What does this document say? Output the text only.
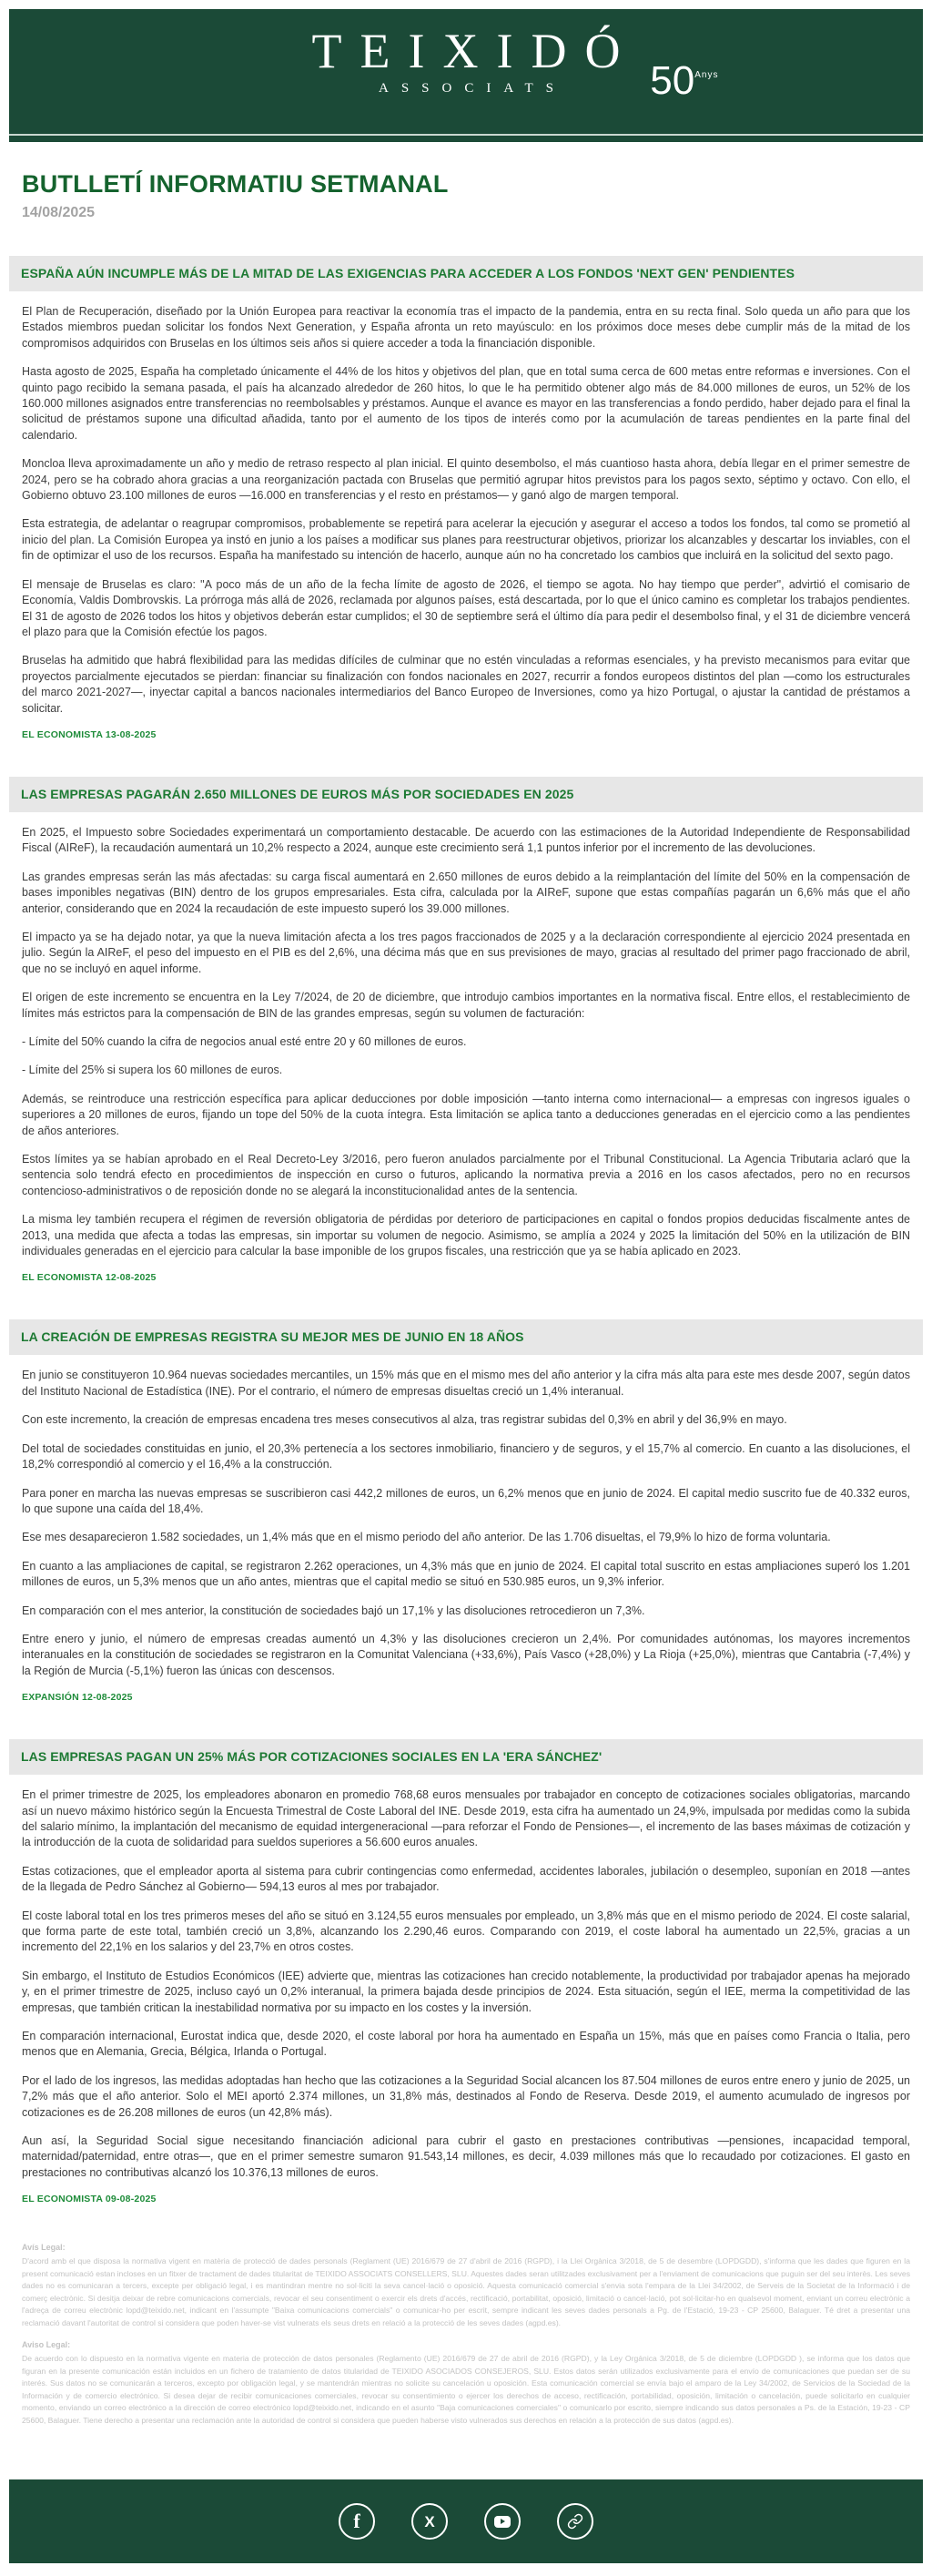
TEIXIDÓ
ASSOCIATS	$50^{Anys}$
BUTLLETÍ INFORMATIU SETMANAL
14/08/2025
ESPAÑA AÚN INCUMPLE MÁS DE LA MITAD DE LAS EXIGENCIAS PARA ACCEDER A LOS FONDOS 'NEXT GEN' PENDIENTES

El Plan de Recuperación, diseñado por la Unión Europea para reactivar la economía tras el impacto de la pandemia, entra en su recta final. Solo queda un año para que los Estados miembros puedan solicitar los fondos Next Generation, y España afronta un reto mayúsculo: en los próximos doce meses debe cumplir más de la mitad de los compromisos adquiridos con Bruselas en los últimos seis años si quiere acceder a toda la financiación disponible.

Hasta agosto de 2025, España ha completado únicamente el 44% de los hitos y objetivos del plan, que en total suma cerca de 600 metas entre reformas e inversiones. Con el quinto pago recibido la semana pasada, el país ha alcanzado alrededor de 260 hitos, lo que le ha permitido obtener algo más de 84.000 millones de euros, un 52% de los 160.000 millones asignados entre transferencias no reembolsables y préstamos. Aunque el avance es mayor en las transferencias a fondo perdido, haber dejado para el final la solicitud de préstamos supone una dificultad añadida, tanto por el aumento de los tipos de interés como por la acumulación de tareas pendientes en la parte final del calendario.

Moncloa lleva aproximadamente un año y medio de retraso respecto al plan inicial. El quinto desembolso, el más cuantioso hasta ahora, debía llegar en el primer semestre de 2024, pero se ha cobrado ahora gracias a una reorganización pactada con Bruselas que permitió agrupar hitos previstos para los pagos sexto, séptimo y octavo. Con ello, el Gobierno obtuvo 23.100 millones de euros —16.000 en transferencias y el resto en préstamos— y ganó algo de margen temporal.

Esta estrategia, de adelantar o reagrupar compromisos, probablemente se repetirá para acelerar la ejecución y asegurar el acceso a todos los fondos, tal como se prometió al inicio del plan. La Comisión Europea ya instó en junio a los países a modificar sus planes para reestructurar objetivos, priorizar los alcanzables y descartar los inviables, con el fin de optimizar el uso de los recursos. España ha manifestado su intención de hacerlo, aunque aún no ha concretado los cambios que incluirá en la solicitud del sexto pago.

El mensaje de Bruselas es claro: "A poco más de un año de la fecha límite de agosto de 2026, el tiempo se agota. No hay tiempo que perder", advirtió el comisario de Economía, Valdis Dombrovskis. La prórroga más allá de 2026, reclamada por algunos países, está descartada, por lo que el único camino es completar los trabajos pendientes. El 31 de agosto de 2026 todos los hitos y objetivos deberán estar cumplidos; el 30 de septiembre será el último día para pedir el desembolso final, y el 31 de diciembre vencerá el plazo para que la Comisión efectúe los pagos.

Bruselas ha admitido que habrá flexibilidad para las medidas difíciles de culminar que no estén vinculadas a reformas esenciales, y ha previsto mecanismos para evitar que proyectos parcialmente ejecutados se pierdan: financiar su finalización con fondos nacionales en 2027, recurrir a fondos europeos distintos del plan —como los estructurales del marco 2021-2027—, inyectar capital a bancos nacionales intermediarios del Banco Europeo de Inversiones, como ya hizo Portugal, o ajustar la cantidad de préstamos a solicitar.

EL ECONOMISTA 13-08-2025
LAS EMPRESAS PAGARÁN 2.650 MILLONES DE EUROS MÁS POR SOCIEDADES EN 2025

En 2025, el Impuesto sobre Sociedades experimentará un comportamiento destacable. De acuerdo con las estimaciones de la Autoridad Independiente de Responsabilidad Fiscal (AIReF), la recaudación aumentará un 10,2% respecto a 2024, aunque este crecimiento será 1,1 puntos inferior por el incremento de las devoluciones.

Las grandes empresas serán las más afectadas: su carga fiscal aumentará en 2.650 millones de euros debido a la reimplantación del límite del 50% en la compensación de bases imponibles negativas (BIN) dentro de los grupos empresariales. Esta cifra, calculada por la AIReF, supone que estas compañías pagarán un 6,6% más que el año anterior, considerando que en 2024 la recaudación de este impuesto superó los 39.000 millones.

El impacto ya se ha dejado notar, ya que la nueva limitación afecta a los tres pagos fraccionados de 2025 y a la declaración correspondiente al ejercicio 2024 presentada en julio. Según la AIReF, el peso del impuesto en el PIB es del 2,6%, una décima más que en sus previsiones de mayo, gracias al resultado del primer pago fraccionado de abril, que no se incluyó en aquel informe.

El origen de este incremento se encuentra en la Ley 7/2024, de 20 de diciembre, que introdujo cambios importantes en la normativa fiscal. Entre ellos, el restablecimiento de límites más estrictos para la compensación de BIN de las grandes empresas, según su volumen de facturación:

- Límite del 50% cuando la cifra de negocios anual esté entre 20 y 60 millones de euros.

- Límite del 25% si supera los 60 millones de euros.

Además, se reintroduce una restricción específica para aplicar deducciones por doble imposición —tanto interna como internacional— a empresas con ingresos iguales o superiores a 20 millones de euros, fijando un tope del 50% de la cuota íntegra. Esta limitación se aplica tanto a deducciones generadas en el ejercicio como a las pendientes de años anteriores.

Estos límites ya se habían aprobado en el Real Decreto-Ley 3/2016, pero fueron anulados parcialmente por el Tribunal Constitucional. La Agencia Tributaria aclaró que la sentencia solo tendrá efecto en procedimientos de inspección en curso o futuros, aplicando la normativa previa a 2016 en los casos afectados, pero no en recursos contencioso-administrativos o de reposición donde no se alegará la inconstitucionalidad antes de la sentencia.

La misma ley también recupera el régimen de reversión obligatoria de pérdidas por deterioro de participaciones en capital o fondos propios deducidas fiscalmente antes de 2013, una medida que afecta a todas las empresas, sin importar su volumen de negocio. Asimismo, se amplía a 2024 y 2025 la limitación del 50% en la utilización de BIN individuales generadas en el ejercicio para calcular la base imponible de los grupos fiscales, una restricción que ya se había aplicado en 2023.

EL ECONOMISTA 12-08-2025
LA CREACIÓN DE EMPRESAS REGISTRA SU MEJOR MES DE JUNIO EN 18 AÑOS

En junio se constituyeron 10.964 nuevas sociedades mercantiles, un 15% más que en el mismo mes del año anterior y la cifra más alta para este mes desde 2007, según datos del Instituto Nacional de Estadística (INE). Por el contrario, el número de empresas disueltas creció un 1,4% interanual.

Con este incremento, la creación de empresas encadena tres meses consecutivos al alza, tras registrar subidas del 0,3% en abril y del 36,9% en mayo.

Del total de sociedades constituidas en junio, el 20,3% pertenecía a los sectores inmobiliario, financiero y de seguros, y el 15,7% al comercio. En cuanto a las disoluciones, el 18,2% correspondió al comercio y el 16,4% a la construcción.

Para poner en marcha las nuevas empresas se suscribieron casi 442,2 millones de euros, un 6,2% menos que en junio de 2024. El capital medio suscrito fue de 40.332 euros, lo que supone una caída del 18,4%.

Ese mes desaparecieron 1.582 sociedades, un 1,4% más que en el mismo periodo del año anterior. De las 1.706 disueltas, el 79,9% lo hizo de forma voluntaria.

En cuanto a las ampliaciones de capital, se registraron 2.262 operaciones, un 4,3% más que en junio de 2024. El capital total suscrito en estas ampliaciones superó los 1.201 millones de euros, un 5,3% menos que un año antes, mientras que el capital medio se situó en 530.985 euros, un 9,3% inferior.

En comparación con el mes anterior, la constitución de sociedades bajó un 17,1% y las disoluciones retrocedieron un 7,3%.

Entre enero y junio, el número de empresas creadas aumentó un 4,3% y las disoluciones crecieron un 2,4%. Por comunidades autónomas, los mayores incrementos interanuales en la constitución de sociedades se registraron en la Comunitat Valenciana (+33,6%), País Vasco (+28,0%) y La Rioja (+25,0%), mientras que Cantabria (-7,4%) y la Región de Murcia (-5,1%) fueron las únicas con descensos.

EXPANSIÓN 12-08-2025
LAS EMPRESAS PAGAN UN 25% MÁS POR COTIZACIONES SOCIALES EN LA 'ERA SÁNCHEZ'

En el primer trimestre de 2025, los empleadores abonaron en promedio 768,68 euros mensuales por trabajador en concepto de cotizaciones sociales obligatorias, marcando así un nuevo máximo histórico según la Encuesta Trimestral de Coste Laboral del INE. Desde 2019, esta cifra ha aumentado un 24,9%, impulsada por medidas como la subida del salario mínimo, la implantación del mecanismo de equidad intergeneracional —para reforzar el Fondo de Pensiones—, el incremento de las bases máximas de cotización y la introducción de la cuota de solidaridad para sueldos superiores a 56.600 euros anuales.

Estas cotizaciones, que el empleador aporta al sistema para cubrir contingencias como enfermedad, accidentes laborales, jubilación o desempleo, suponían en 2018 —antes de la llegada de Pedro Sánchez al Gobierno— 594,13 euros al mes por trabajador.

El coste laboral total en los tres primeros meses del año se situó en 3.124,55 euros mensuales por empleado, un 3,8% más que en el mismo periodo de 2024. El coste salarial, que forma parte de este total, también creció un 3,8%, alcanzando los 2.290,46 euros. Comparando con 2019, el coste laboral ha aumentado un 22,5%, gracias a un incremento del 22,1% en los salarios y del 23,7% en otros costes.

Sin embargo, el Instituto de Estudios Económicos (IEE) advierte que, mientras las cotizaciones han crecido notablemente, la productividad por trabajador apenas ha mejorado y, en el primer trimestre de 2025, incluso cayó un 0,2% interanual, la primera bajada desde principios de 2024. Esta situación, según el IEE, merma la competitividad de las empresas, que también critican la inestabilidad normativa por su impacto en los costes y la inversión.

En comparación internacional, Eurostat indica que, desde 2020, el coste laboral por hora ha aumentado en España un 15%, más que en países como Francia o Italia, pero menos que en Alemania, Grecia, Bélgica, Irlanda o Portugal.

Por el lado de los ingresos, las medidas adoptadas han hecho que las cotizaciones a la Seguridad Social alcancen los 87.504 millones de euros entre enero y junio de 2025, un 7,2% más que el año anterior. Solo el MEI aportó 2.374 millones, un 31,8% más, destinados al Fondo de Reserva. Desde 2019, el aumento acumulado de ingresos por cotizaciones es de 26.208 millones de euros (un 42,8% más).

Aun así, la Seguridad Social sigue necesitando financiación adicional para cubrir el gasto en prestaciones contributivas —pensiones, incapacidad temporal, maternidad/paternidad, entre otras—, que en el primer semestre sumaron 91.543,14 millones, es decir, 4.039 millones más que lo recaudado por cotizaciones. El gasto en prestaciones no contributivas alcanzó los 10.376,13 millones de euros.

EL ECONOMISTA 09-08-2025
Avís Legal:

D'acord amb el que disposa la normativa vigent en matèria de protecció de dades personals (Reglament (UE) 2016/679 de 27 d'abril de 2016 (RGPD), i la Llei Orgànica 3/2018, de 5 de desembre (LOPDGDD), s'informa que les dades que figuren en la present comunicació estan incloses en un fitxer de tractament de dades titularitat de TEIXIDO ASSOCIATS CONSELLERS, SLU. Aquestes dades seran utilitzades exclusivament per a l'enviament de comunicacions que puguin ser del seu interès. Les seves dades no es comunicaran a tercers, excepte per obligació legal, i es mantindran mentre no sol·liciti la seva cancel·lació o oposició. Aquesta comunicació comercial s'envia sota l'empara de la Llei 34/2002, de Serveis de la Societat de la Informació i de comerç electrònic. Si desitja deixar de rebre comunicacions comercials, revocar el seu consentiment o exercir els drets d'accés, rectificació, portabilitat, oposició, limitació o cancel·lació, pot sol·licitar-ho en qualsevol moment, enviant un correu electrònic a l'adreça de correu electrònic lopd@teixido.net, indicant en l'assumpte "Baixa comunicacions comercials" o comunicar-ho per escrit, sempre indicant les seves dades personals a Pg. de l'Estació, 19-23 - CP 25600, Balaguer. Té dret a presentar una reclamació davant l'autoritat de control si considera que poden haver-se vist vulnerats els seus drets en relació a la protecció de les seves dades (agpd.es).

Aviso Legal:

De acuerdo con lo dispuesto en la normativa vigente en materia de protección de datos personales (Reglamento (UE) 2016/679 de 27 de abril de 2016 (RGPD), y la Ley Orgánica 3/2018, de 5 de diciembre (LOPDGDD ), se informa que los datos que figuran en la presente comunicación están incluidos en un fichero de tratamiento de datos titularidad de TEIXIDO ASOCIADOS CONSEJEROS, SLU. Estos datos serán utilizados exclusivamente para el envío de comunicaciones que puedan ser de su interés. Sus datos no se comunicarán a terceros, excepto por obligación legal, y se mantendrán mientras no solicite su cancelación u oposición. Esta comunicación comercial se envía bajo el amparo de la Ley 34/2002, de Servicios de la Sociedad de la Información y de comercio electrónico. Si desea dejar de recibir comunicaciones comerciales, revocar su consentimiento o ejercer los derechos de acceso, rectificación, portabilidad, oposición, limitación o cancelación, puede solicitarlo en cualquier momento, enviando un correo electrónico a la dirección de correo electrónico lopd@teixido.net, indicando en el asunto "Baja comunicaciones comerciales" o comunicarlo por escrito, siempre indicando sus datos personales a Ps. de la Estación, 19-23 - CP 25600, Balaguer. Tiene derecho a presentar una reclamación ante la autoridad de control si considera que pueden haberse visto vulnerados sus derechos en relación a la protección de sus datos (agpd.es).

f	X
